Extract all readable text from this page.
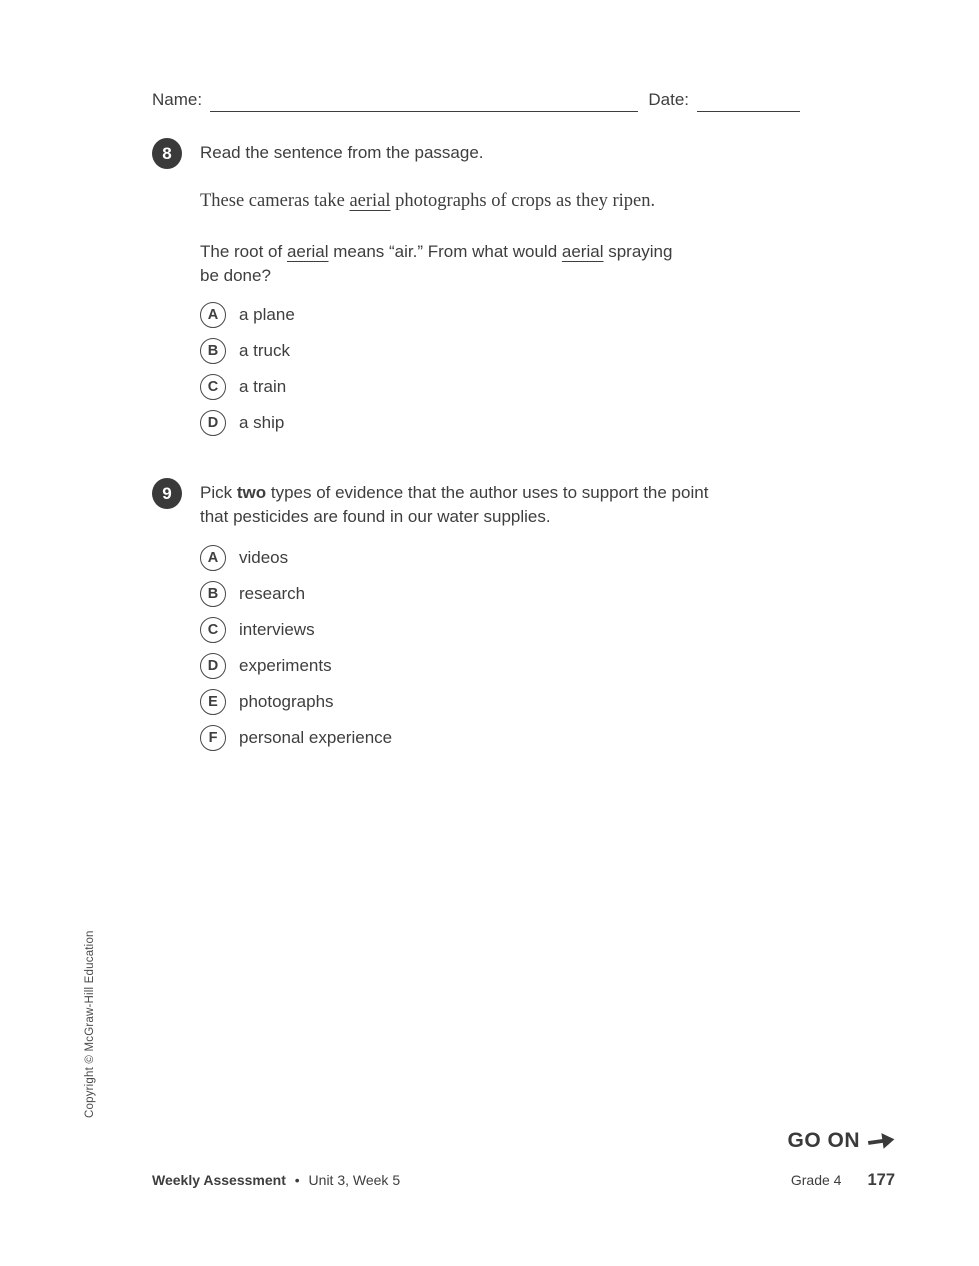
Name:	Date:
8 Read the sentence from the passage.
These cameras take aerial photographs of crops as they ripen.
The root of aerial means “air.” From what would aerial spraying
be done?
A	a plane
B	a truck
C	a train
D	a ship
9 Pick two types of evidence that the author uses to support the point
that pesticides are found in our water supplies.
A	videos
B	research
C	interviews
D	experiments
E	photographs
F	personal experience
Copyright © McGraw-Hill Education
GO ON
Weekly Assessment • Unit 3, Week 5	Grade 4 177
